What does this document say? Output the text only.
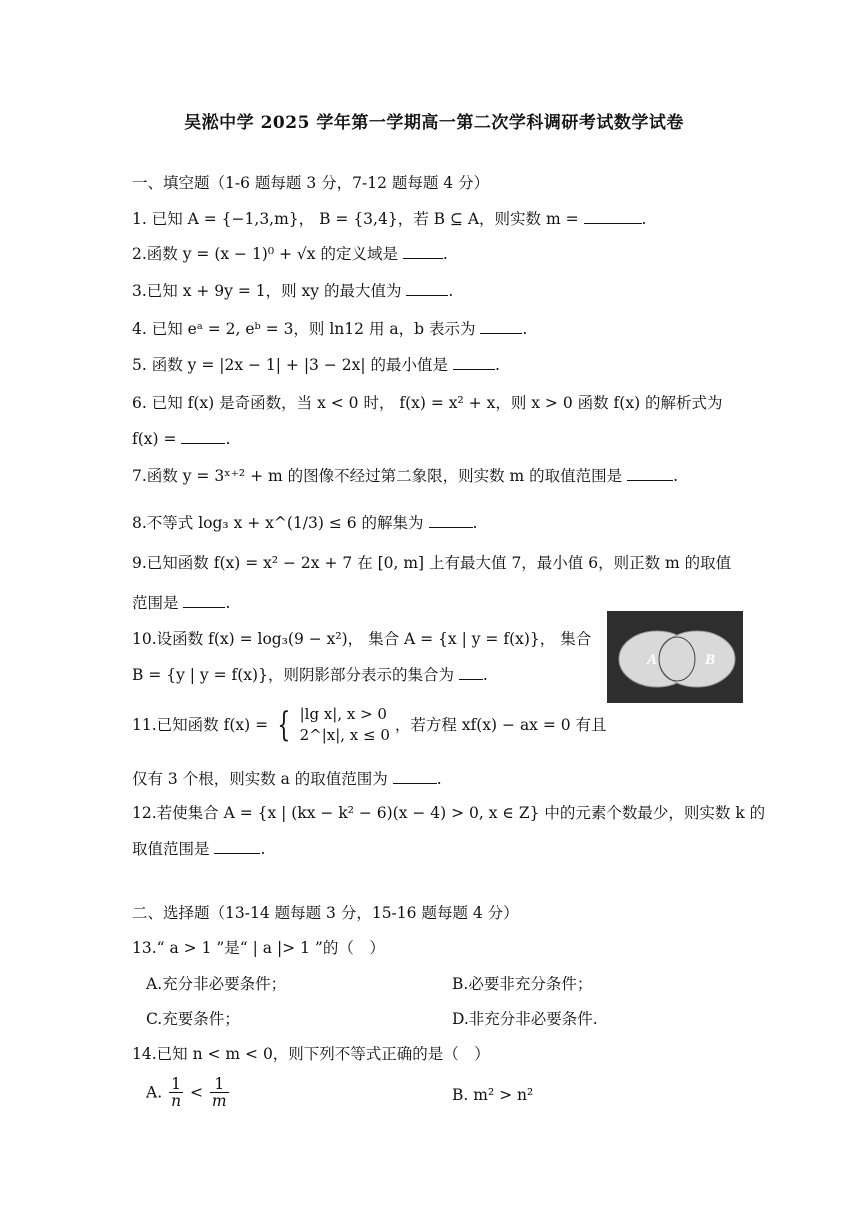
吴淞中学 2025 学年第一学期高一第二次学科调研考试数学试卷
一、填空题（1-6 题每题 3 分，7-12 题每题 4 分）
1. 已知 A = {−1,3,m}， B = {3,4}，若 B ⊆ A，则实数 m =	.
2.函数 y = (x − 1)⁰ + √x 的定义域是	.
3.已知 x + 9y = 1，则 xy 的最大值为	.
4. 已知 eᵃ = 2, eᵇ = 3，则 ln12 用 a，b 表示为	.
5. 函数 y = |2x − 1| + |3 − 2x| 的最小值是	.
6. 已知 f(x) 是奇函数，当 x < 0 时， f(x) = x² + x，则 x > 0 函数 f(x) 的解析式为
f(x) =	.
7.函数 y = 3ˣ⁺² + m 的图像不经过第二象限，则实数 m 的取值范围是	.
8.不等式 log₃ x + x^(1/3) ≤ 6 的解集为	.
9.已知函数 f(x) = x² − 2x + 7 在 [0, m] 上有最大值 7，最小值 6，则正数 m 的取值
范围是	.
10.设函数 f(x) = log₃(9 − x²)， 集合 A = {x | y = f(x)}， 集合
B = {y | y = f(x)}，则阴影部分表示的集合为 .
A	B
11.已知函数 f(x) = { |lg x|, x > 0
2^|x|, x ≤ 0
，若方程 xf(x) − ax = 0 有且
仅有 3 个根，则实数 a 的取值范围为	.
12.若使集合 A = {x | (kx − k² − 6)(x − 4) > 0, x ∈ Z} 中的元素个数最少，则实数 k 的
取值范围是	.
二、选择题（13-14 题每题 3 分，15-16 题每题 4 分）
13.“ a > 1 ”是“ | a |> 1 ”的（　）
A.充分非必要条件；	B.必要非充分条件；
C.充要条件；	D.非充分非必要条件.
14.已知 n < m < 0，则下列不等式正确的是（　）
A. $\frac{1}{n} < \frac{1}{m}$	B. m² > n²
